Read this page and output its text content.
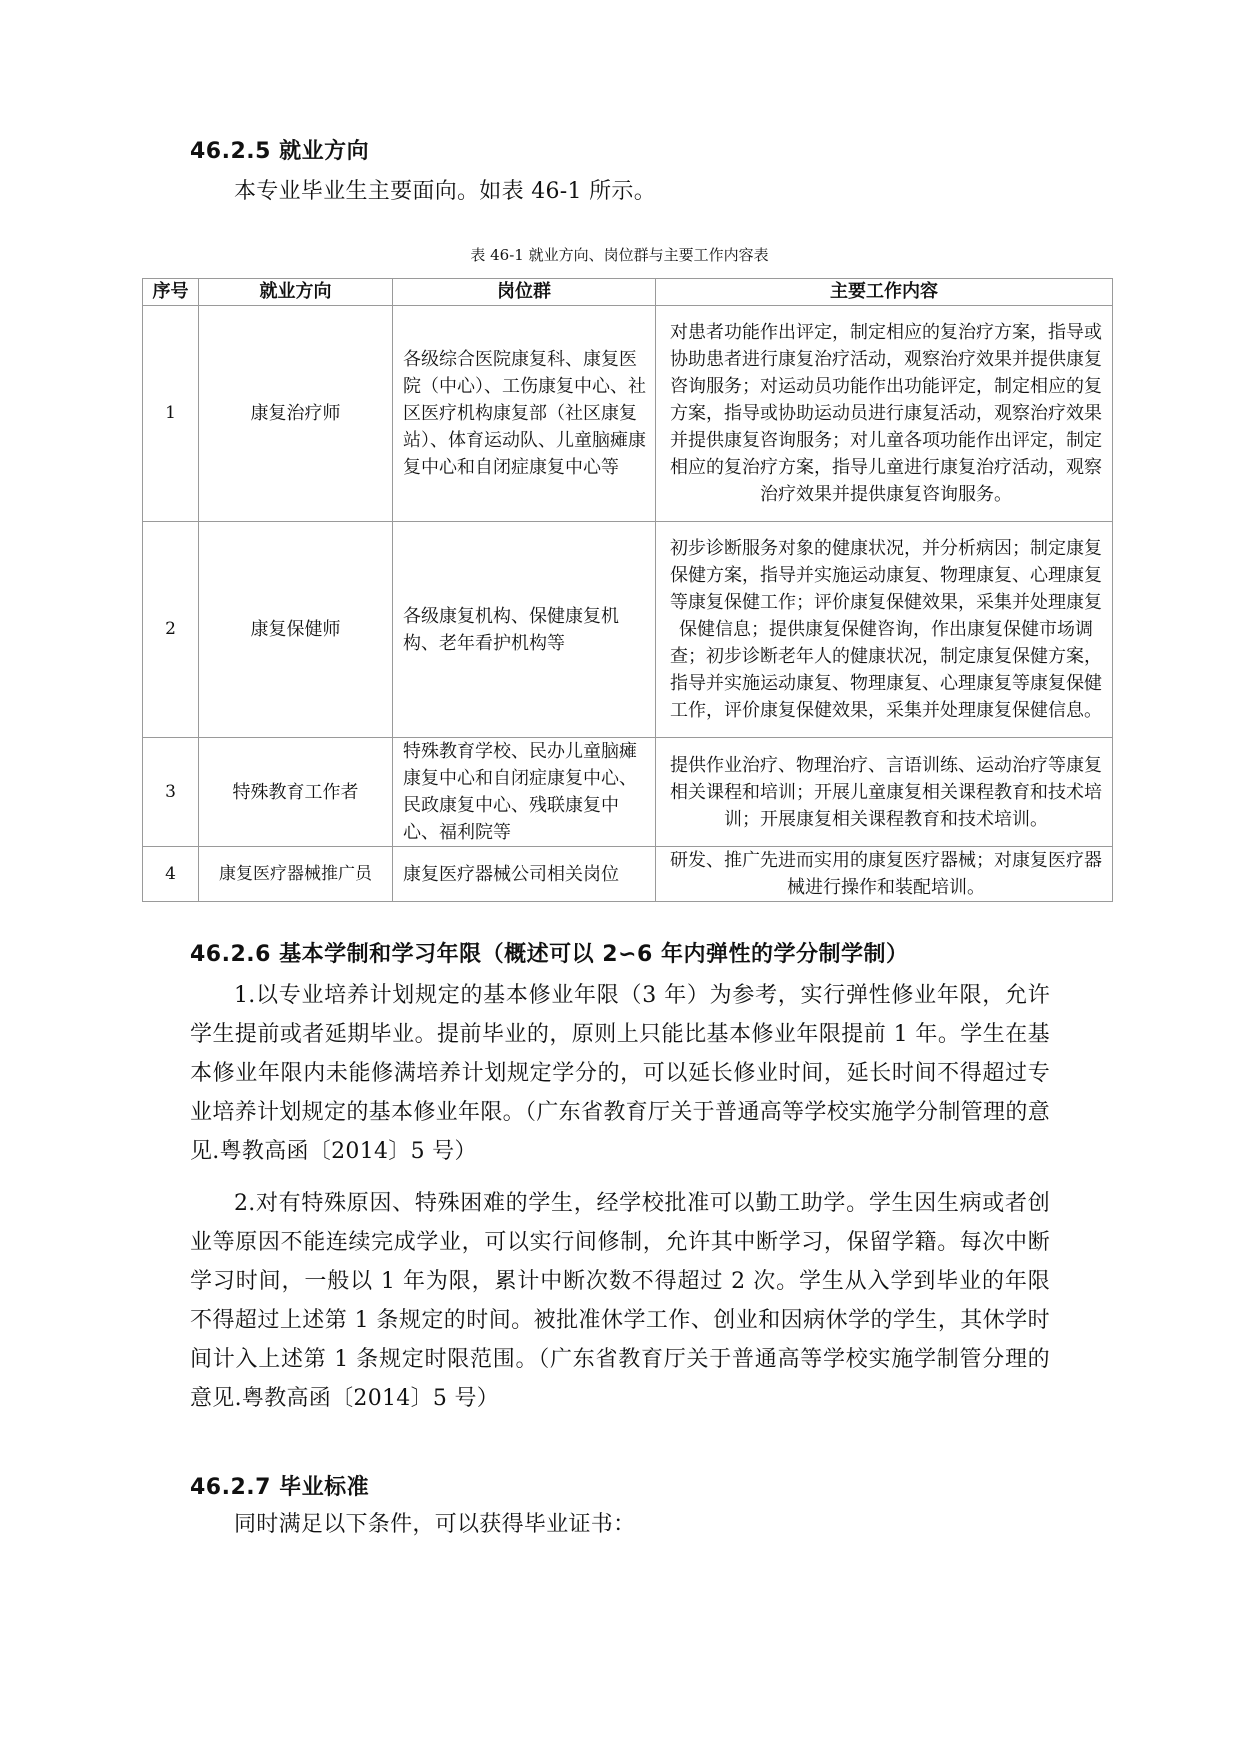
46.2.5 就业方向

本专业毕业生主要面向。如表 46-1 所示。

表 46-1 就业方向、岗位群与主要工作内容表
序号	就业方向	岗位群	主要工作内容
1	康复治疗师	各级综合医院康复科、康复医院（中心）、工伤康复中心、社区医疗机构康复部（社区康复站）、体育运动队、儿童脑瘫康复中心和自闭症康复中心等	对患者功能作出评定，制定相应的复治疗方案，指导或协助患者进行康复治疗活动，观察治疗效果并提供康复咨询服务；对运动员功能作出功能评定，制定相应的复方案，指导或协助运动员进行康复活动，观察治疗效果并提供康复咨询服务；对儿童各项功能作出评定，制定相应的复治疗方案，指导儿童进行康复治疗活动，观察治疗效果并提供康复咨询服务。
2	康复保健师	各级康复机构、保健康复机构、老年看护机构等	初步诊断服务对象的健康状况，并分析病因；制定康复保健方案，指导并实施运动康复、物理康复、心理康复等康复保健工作；评价康复保健效果，采集并处理康复保健信息；提供康复保健咨询，作出康复保健市场调查；初步诊断老年人的健康状况，制定康复保健方案，指导并实施运动康复、物理康复、心理康复等康复保健工作，评价康复保健效果，采集并处理康复保健信息。
3	特殊教育工作者	特殊教育学校、民办儿童脑瘫康复中心和自闭症康复中心、民政康复中心、残联康复中心、福利院等	提供作业治疗、物理治疗、言语训练、运动治疗等康复相关课程和培训；开展儿童康复相关课程教育和技术培训；开展康复相关课程教育和技术培训。
4	康复医疗器械推广员	康复医疗器械公司相关岗位	研发、推广先进而实用的康复医疗器械；对康复医疗器械进行操作和装配培训。
46.2.6 基本学制和学习年限（概述可以 2∽6 年内弹性的学分制学制）

1.以专业培养计划规定的基本修业年限（3 年）为参考，实行弹性修业年限，允许学生提前或者延期毕业。提前毕业的，原则上只能比基本修业年限提前 1 年。学生在基本修业年限内未能修满培养计划规定学分的，可以延长修业时间，延长时间不得超过专业培养计划规定的基本修业年限。（广东省教育厅关于普通高等学校实施学分制管理的意见.粤教高函〔2014〕5 号）

2.对有特殊原因、特殊困难的学生，经学校批准可以勤工助学。学生因生病或者创业等原因不能连续完成学业，可以实行间修制，允许其中断学习，保留学籍。每次中断学习时间，一般以 1 年为限，累计中断次数不得超过 2 次。学生从入学到毕业的年限不得超过上述第 1 条规定的时间。被批准休学工作、创业和因病休学的学生，其休学时间计入上述第 1 条规定时限范围。（广东省教育厅关于普通高等学校实施学制管分理的意见.粤教高函〔2014〕5 号）

46.2.7 毕业标准

同时满足以下条件，可以获得毕业证书：
